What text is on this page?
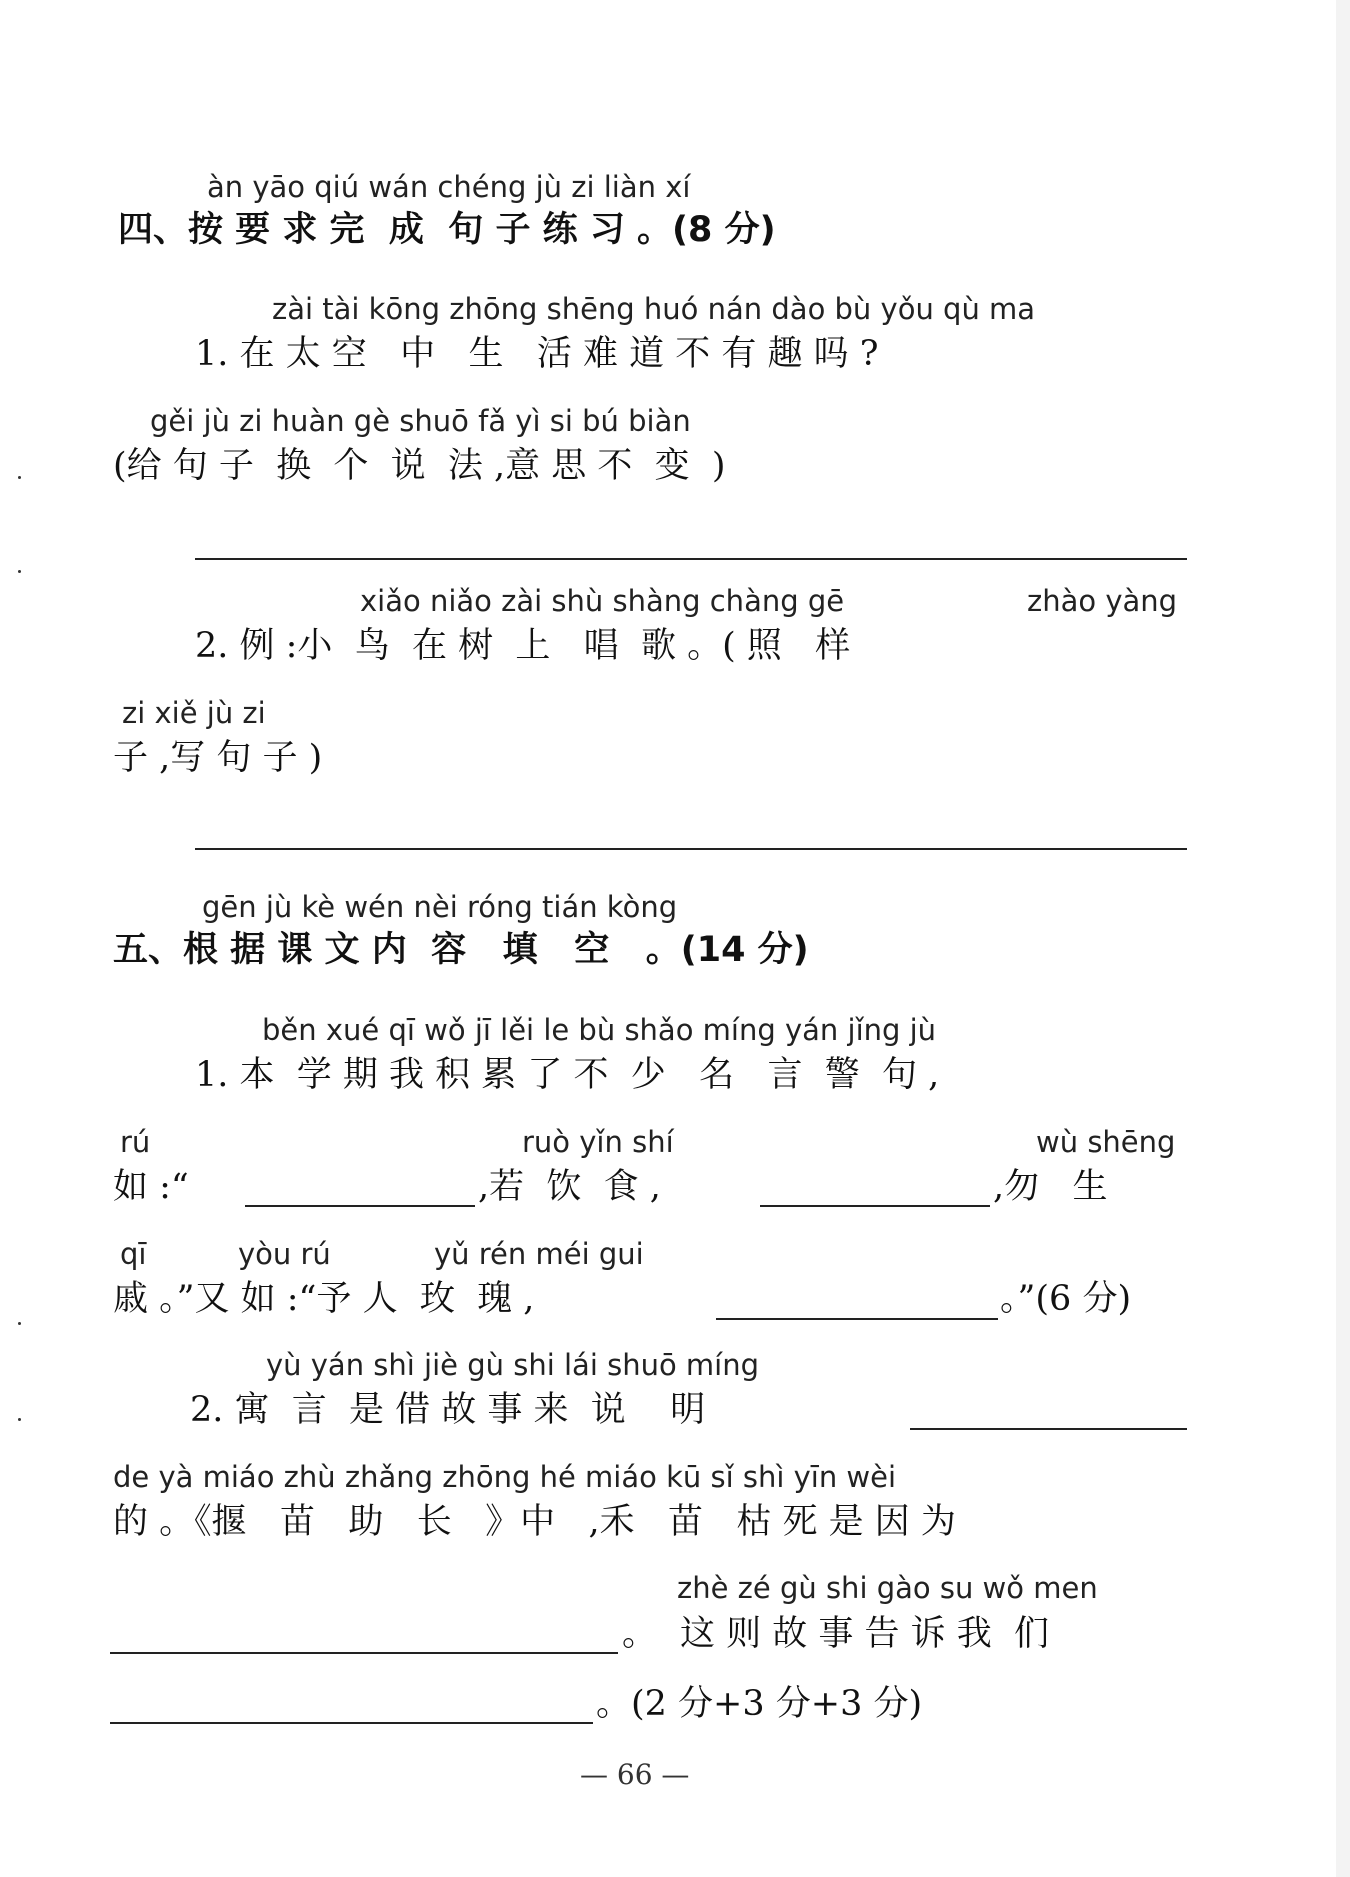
àn yāo qiú wán chéng jù zi liàn xí
四、按 要 求 完  成  句 子 练 习 。(8 分)
zài tài kōng zhōng shēng huó nán dào bù yǒu qù ma
1. 在 太 空   中   生   活 难 道 不 有 趣 吗 ?
gěi jù zi huàn gè shuō fǎ yì si bú biàn
(给 句 子  换  个  说  法 ,意 思 不  变  )
xiǎo niǎo zài shù shàng chàng gē	zhào yàng
2. 例 :小  鸟  在 树  上   唱  歌 。( 照   样
zi xiě jù zi
子 ,写 句 子 )
gēn jù kè wén nèi róng tián kòng
五、根 据 课 文 内  容   填   空   。(14 分)
běn xué qī wǒ jī lěi le bù shǎo míng yán jǐng jù
1. 本  学 期 我 积 累 了 不  少   名   言  警  句 ,
rú	ruò yǐn shí	wù shēng
如 :“	,若  饮  食 ,	,勿   生
qī	yòu rú	yǔ rén méi gui
戚 。”又 如 :“予 人  玫  瑰 ,	。”(6 分)
yù yán shì jiè gù shi lái shuō míng
2. 寓  言  是 借 故 事 来  说    明
de yà miáo zhù zhǎng zhōng hé miáo kū sǐ shì yīn wèi
的 。《揠   苗   助   长   》中   ,禾   苗   枯 死 是 因 为
zhè zé gù shi gào su wǒ men
。 这 则 故 事 告 诉 我  们
。(2 分+3 分+3 分)
— 66 —
